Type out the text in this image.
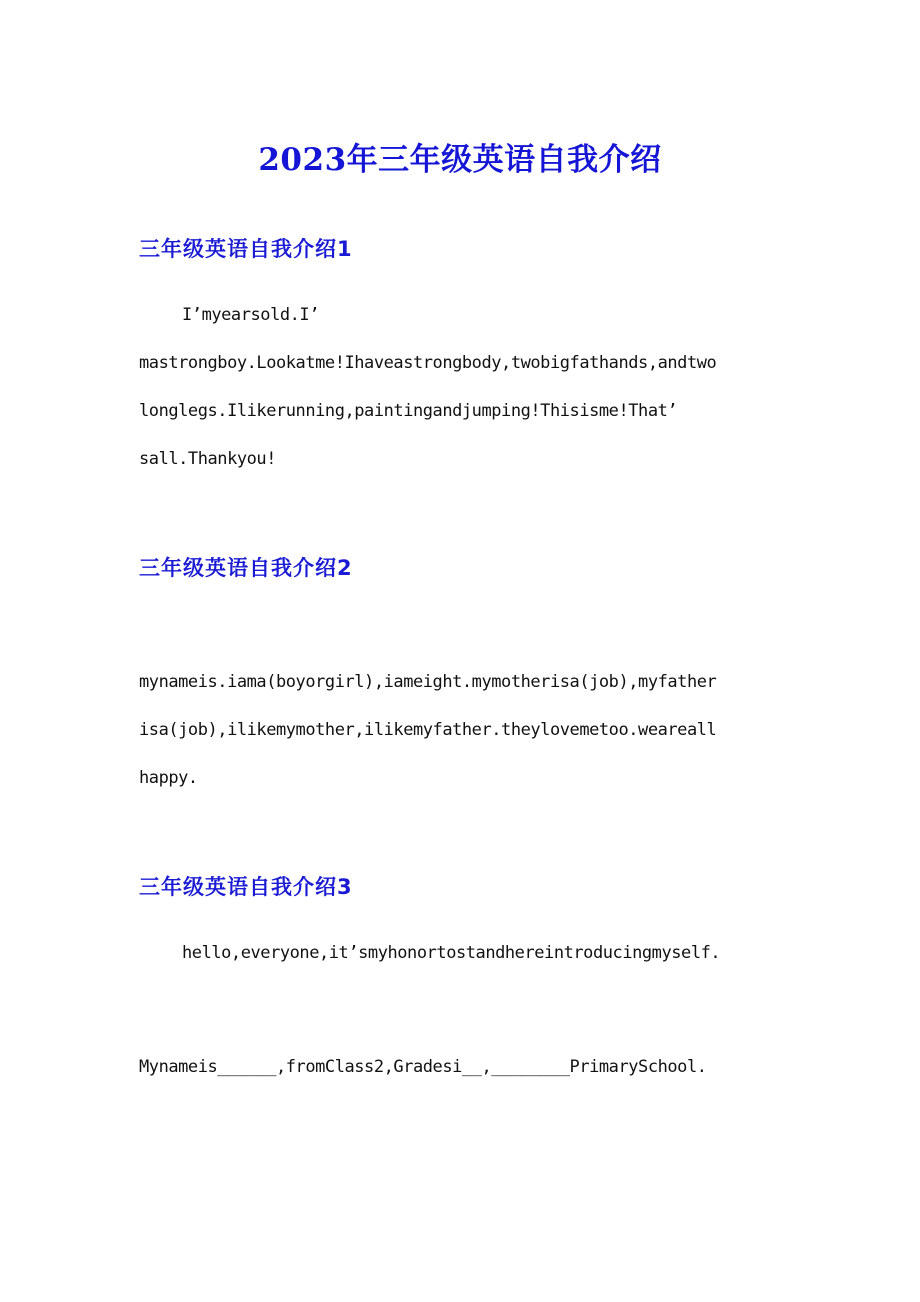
2023年三年级英语自我介绍
三年级英语自我介绍1

I’myearsold.I’

mastrongboy.Lookatme!Ihaveastrongbody,twobigfathands,andtwo

longlegs.Ilikerunning,paintingandjumping!Thisisme!That’

sall.Thankyou!

三年级英语自我介绍2

mynameis.iama(boyorgirl),iameight.mymotherisa(job),myfather

isa(job),ilikemymother,ilikemyfather.theylovemetoo.weareall

happy.

三年级英语自我介绍3

hello,everyone,it’smyhonortostandhereintroducingmyself.

Mynameis______,fromClass2,Gradesi__,________PrimarySchool.
